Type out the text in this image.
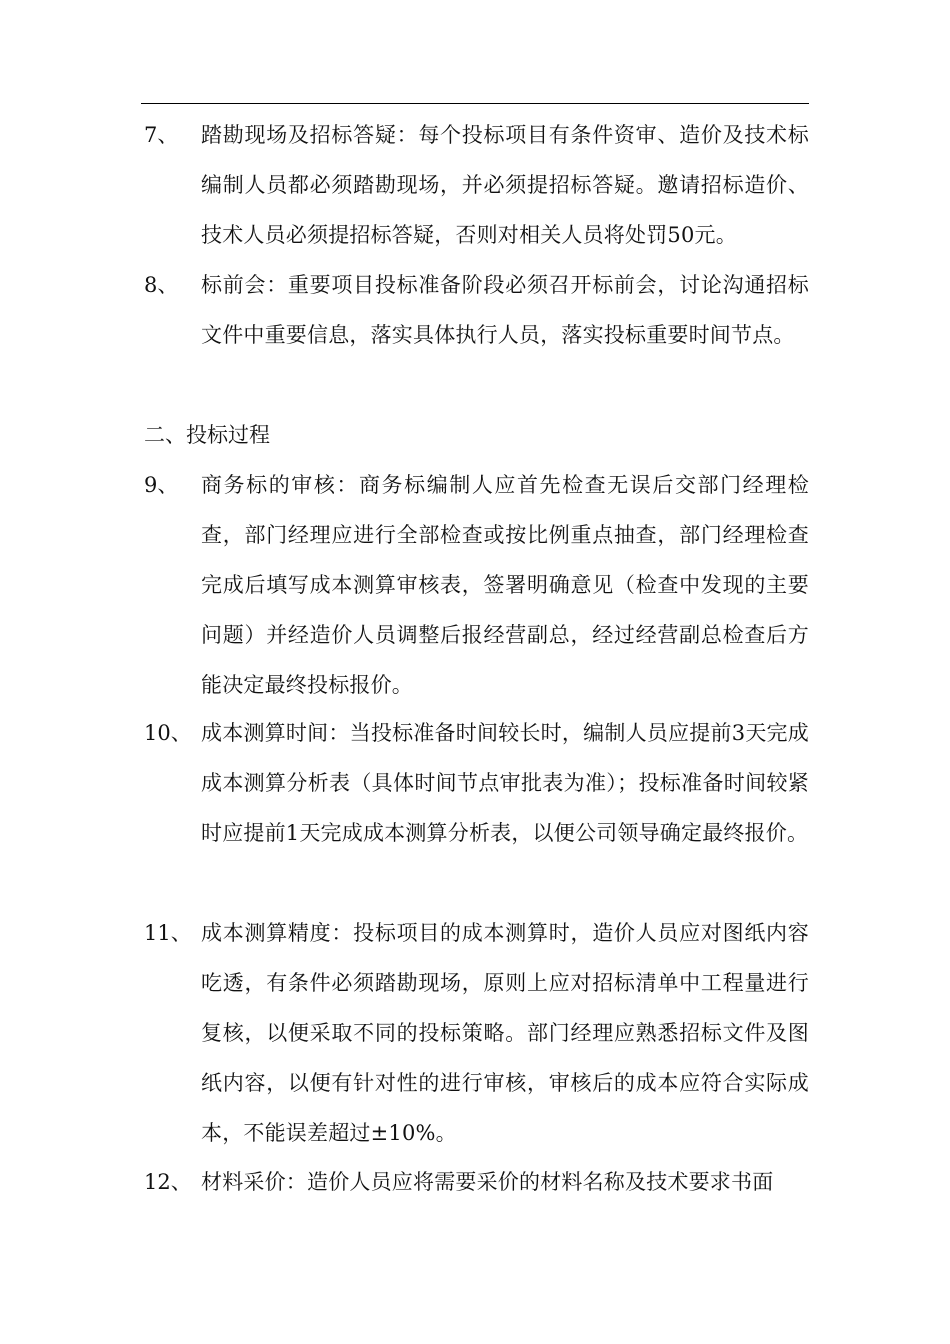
7、 踏勘现场及招标答疑：每个投标项目有条件资审、造价及技术标编制人员都必须踏勘现场，并必须提招标答疑。邀请招标造价、技术人员必须提招标答疑，否则对相关人员将处罚50元。
8、 标前会：重要项目投标准备阶段必须召开标前会，讨论沟通招标文件中重要信息，落实具体执行人员，落实投标重要时间节点。
二、投标过程
9、 商务标的审核：商务标编制人应首先检查无误后交部门经理检查，部门经理应进行全部检查或按比例重点抽查，部门经理检查完成后填写成本测算审核表，签署明确意见（检查中发现的主要问题）并经造价人员调整后报经营副总，经过经营副总检查后方能决定最终投标报价。
10、 成本测算时间：当投标准备时间较长时，编制人员应提前3天完成成本测算分析表（具体时间节点审批表为准）；投标准备时间较紧时应提前1天完成成本测算分析表，以便公司领导确定最终报价。
11、 成本测算精度：投标项目的成本测算时，造价人员应对图纸内容吃透，有条件必须踏勘现场，原则上应对招标清单中工程量进行复核，以便采取不同的投标策略。部门经理应熟悉招标文件及图纸内容，以便有针对性的进行审核，审核后的成本应符合实际成本，不能误差超过±10%。
12、 材料采价：造价人员应将需要采价的材料名称及技术要求书面
